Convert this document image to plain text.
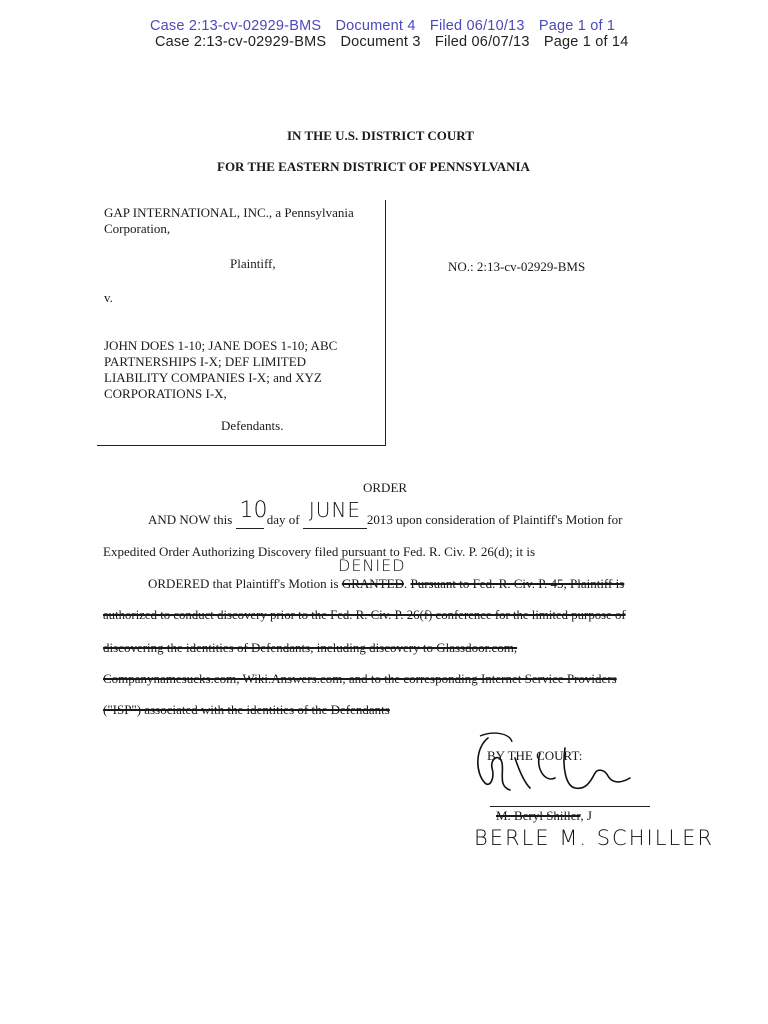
Case 2:13-cv-02929-BMS Document 4 Filed 06/10/13 Page 1 of 1
Case 2:13-cv-02929-BMS Document 3 Filed 06/07/13 Page 1 of 14
IN THE U.S. DISTRICT COURT
FOR THE EASTERN DISTRICT OF PENNSYLVANIA
GAP INTERNATIONAL, INC., a Pennsylvania
Corporation,
Plaintiff,
v.
JOHN DOES 1-10; JANE DOES 1-10; ABC
PARTNERSHIPS I-X; DEF LIMITED
LIABILITY COMPANIES I-X; and XYZ
CORPORATIONS I-X,
Defendants.
NO.: 2:13-cv-02929-BMS
ORDER
AND NOW this 10 day of JUNE 2013 upon consideration of Plaintiff's Motion for
Expedited Order Authorizing Discovery filed pursuant to Fed. R. Civ. P. 26(d); it is
DENIED
ORDERED that Plaintiff's Motion is GRANTED. Pursuant to Fed. R. Civ. P. 45, Plaintiff is
authorized to conduct discovery prior to the Fed. R. Civ. P. 26(f) conference for the limited purpose of
discovering the identities of Defendants, including discovery to Glassdoor.com,
Companynamesucks.com, Wiki.Answers.com, and to the corresponding Internet Service Providers
("ISP") associated with the identities of the Defendants
BY THE COURT:
M. Beryl Shiller, J
BERLE M. SCHILLER
